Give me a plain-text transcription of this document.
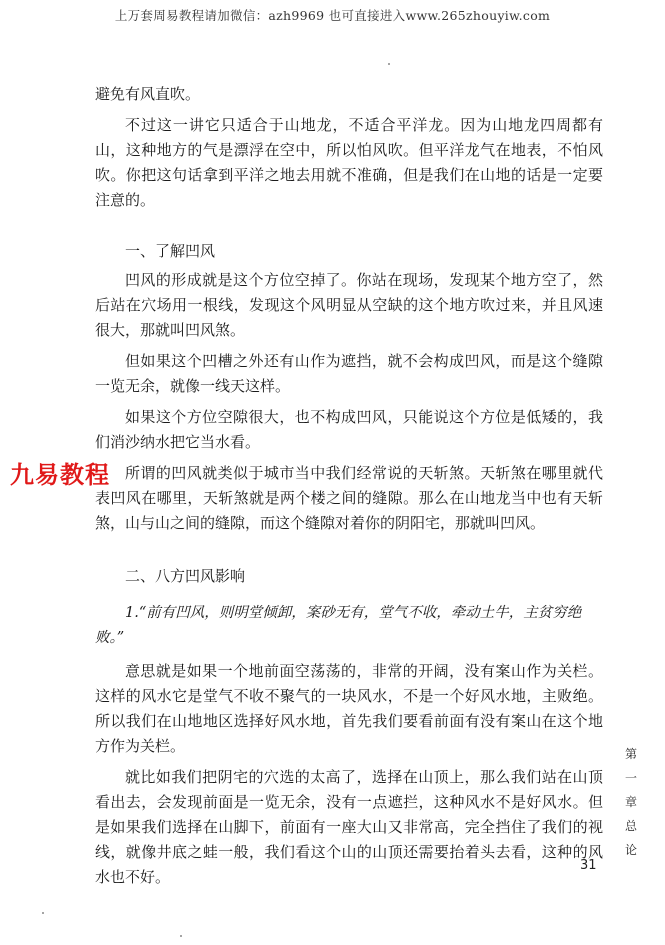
上万套周易教程请加微信：azh9969 也可直接进入www.265zhouyiw.com

避免有风直吹。

不过这一讲它只适合于山地龙，不适合平洋龙。因为山地龙四周都有山，这种地方的气是漂浮在空中，所以怕风吹。但平洋龙气在地表，不怕风吹。你把这句话拿到平洋之地去用就不准确，但是我们在山地的话是一定要注意的。

一、了解凹风

凹风的形成就是这个方位空掉了。你站在现场，发现某个地方空了，然后站在穴场用一根线，发现这个风明显从空缺的这个地方吹过来，并且风速很大，那就叫凹风煞。

但如果这个凹槽之外还有山作为遮挡，就不会构成凹风，而是这个缝隙一览无余，就像一线天这样。

如果这个方位空隙很大，也不构成凹风，只能说这个方位是低矮的，我们消沙纳水把它当水看。

所谓的凹风就类似于城市当中我们经常说的天斩煞。天斩煞在哪里就代表凹风在哪里，天斩煞就是两个楼之间的缝隙。那么在山地龙当中也有天斩煞，山与山之间的缝隙，而这个缝隙对着你的阴阳宅，那就叫凹风。

二、八方凹风影响

1.“前有凹风，则明堂倾卸，案砂无有，堂气不收，牵动土牛，主贫穷绝败。”

意思就是如果一个地前面空荡荡的，非常的开阔，没有案山作为关栏。这样的风水它是堂气不收不聚气的一块风水，不是一个好风水地，主败绝。所以我们在山地地区选择好风水地，首先我们要看前面有没有案山在这个地方作为关栏。

就比如我们把阴宅的穴选的太高了，选择在山顶上，那么我们站在山顶看出去，会发现前面是一览无余，没有一点遮拦，这种风水不是好风水。但是如果我们选择在山脚下，前面有一座大山又非常高，完全挡住了我们的视线，就像井底之蛙一般，我们看这个山的山顶还需要抬着头去看，这种的风水也不好。

九易教程
第
一
章
总
论
31
